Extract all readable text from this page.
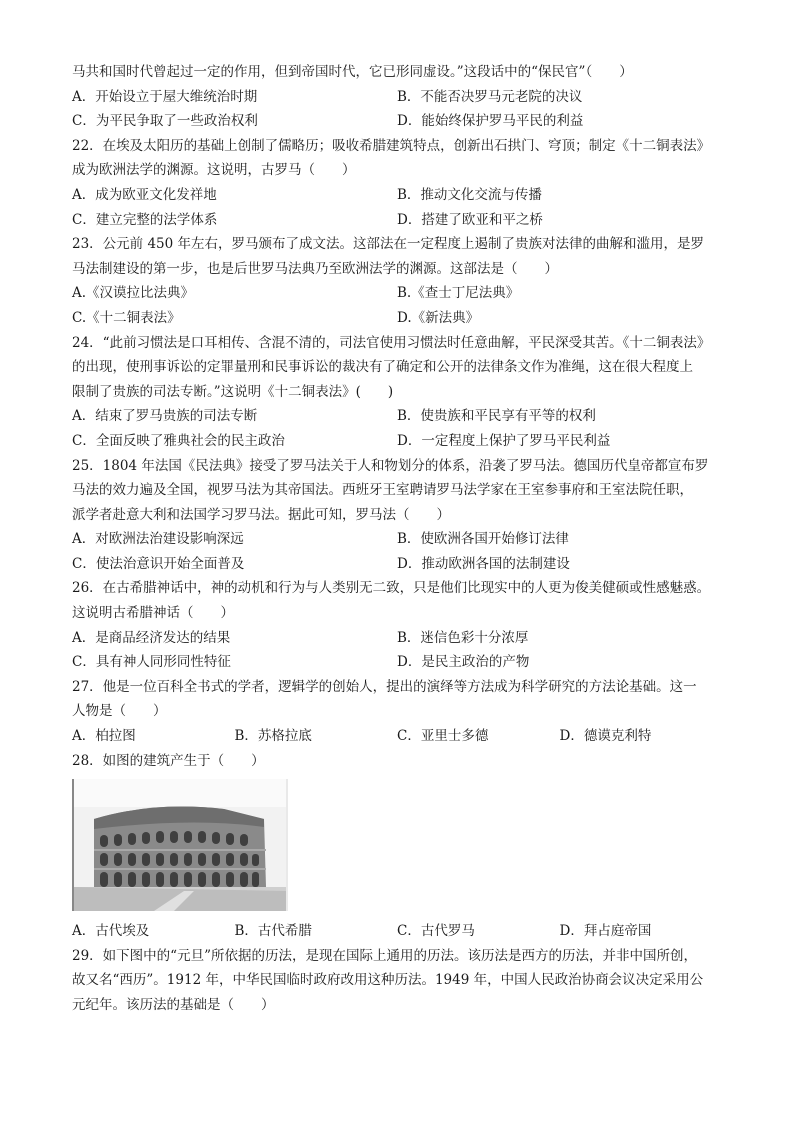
马共和国时代曾起过一定的作用，但到帝国时代，它已形同虚设。”这段话中的“保民官”（　　）
A．开始设立于屋大维统治时期	B．不能否决罗马元老院的决议
C．为平民争取了一些政治权利	D．能始终保护罗马平民的利益
22．在埃及太阳历的基础上创制了儒略历；吸收希腊建筑特点，创新出石拱门、穹顶；制定《十二铜表法》
成为欧洲法学的渊源。这说明，古罗马（　　）
A．成为欧亚文化发祥地	B．推动文化交流与传播
C．建立完整的法学体系	D．搭建了欧亚和平之桥
23．公元前 450 年左右，罗马颁布了成文法。这部法在一定程度上遏制了贵族对法律的曲解和滥用，是罗
马法制建设的第一步，也是后世罗马法典乃至欧洲法学的渊源。这部法是（　　）
A.《汉谟拉比法典》	B.《查士丁尼法典》
C.《十二铜表法》	D.《新法典》
24．“此前习惯法是口耳相传、含混不清的，司法官使用习惯法时任意曲解，平民深受其苦。《十二铜表法》
的出现，使刑事诉讼的定罪量刑和民事诉讼的裁决有了确定和公开的法律条文作为准绳，这在很大程度上
限制了贵族的司法专断。”这说明《十二铜表法》(　　)
A．结束了罗马贵族的司法专断	B．使贵族和平民享有平等的权利
C．全面反映了雅典社会的民主政治	D．一定程度上保护了罗马平民利益
25．1804 年法国《民法典》接受了罗马法关于人和物划分的体系，沿袭了罗马法。德国历代皇帝都宣布罗
马法的效力遍及全国，视罗马法为其帝国法。西班牙王室聘请罗马法学家在王室参事府和王室法院任职，
派学者赴意大利和法国学习罗马法。据此可知，罗马法（　　）
A．对欧洲法治建设影响深远	B．使欧洲各国开始修订法律
C．使法治意识开始全面普及	D．推动欧洲各国的法制建设
26．在古希腊神话中，神的动机和行为与人类别无二致，只是他们比现实中的人更为俊美健硕或性感魅惑。
这说明古希腊神话（　　）
A．是商品经济发达的结果	B．迷信色彩十分浓厚
C．具有神人同形同性特征	D．是民主政治的产物
27．他是一位百科全书式的学者，逻辑学的创始人，提出的演绎等方法成为科学研究的方法论基础。这一
人物是（　　）
A．柏拉图	B．苏格拉底	C．亚里士多德	D．德谟克利特
28．如图的建筑产生于（　　）
A．古代埃及	B．古代希腊	C．古代罗马	D．拜占庭帝国
29．如下图中的“元旦”所依据的历法，是现在国际上通用的历法。该历法是西方的历法，并非中国所创，
故又名“西历”。1912 年，中华民国临时政府改用这种历法。1949 年，中国人民政治协商会议决定采用公
元纪年。该历法的基础是（　　）
